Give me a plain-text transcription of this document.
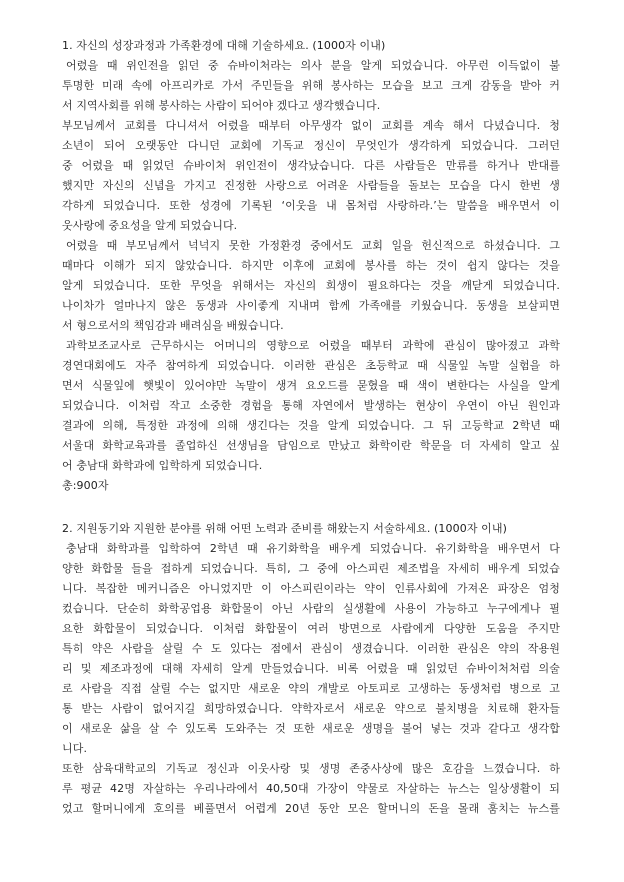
1. 자신의 성장과정과 가족환경에 대해 기술하세요. (1000자 이내)

어렸을 때 위인전을 읽던 중 슈바이처라는 의사 분을 알게 되었습니다. 아무런 이득없이 불

투명한 미래 속에 아프리카로 가서 주민들을 위해 봉사하는 모습을 보고 크게 감동을 받아 커

서 지역사회를 위해 봉사하는 사람이 되어야 겠다고 생각했습니다.

부모님께서 교회를 다니셔서 어렸을 때부터 아무생각 없이 교회를 계속 해서 다녔습니다. 청

소년이 되어 오랫동안 다니던 교회에 기독교 정신이 무엇인가 생각하게 되었습니다. 그러던

중 어렸을 때 읽었던 슈바이처 위인전이 생각났습니다. 다른 사람들은 만류를 하거나 반대를

했지만 자신의 신념을 가지고 진정한 사랑으로 어려운 사람들을 돌보는 모습을 다시 한번 생

각하게 되었습니다. 또한 성경에 기록된 ‘이웃을 내 몸처럼 사랑하라.’는 말씀을 배우면서 이

웃사랑에 중요성을 알게 되었습니다.

어렸을 때 부모님께서 넉넉지 못한 가정환경 중에서도 교회 일을 헌신적으로 하셨습니다. 그

때마다 이해가 되지 않았습니다. 하지만 이후에 교회에 봉사를 하는 것이 쉽지 않다는 것을

알게 되었습니다. 또한 무엇을 위해서는 자신의 희생이 필요하다는 것을 깨닫게 되었습니다.

나이차가 얼마나지 않은 동생과 사이좋게 지내며 함께 가족애를 키웠습니다. 동생을 보살피면

서 형으로서의 책임감과 배려심을 배웠습니다.

과학보조교사로 근무하시는 어머니의 영향으로 어렸을 때부터 과학에 관심이 많아졌고 과학

경연대회에도 자주 참여하게 되었습니다. 이러한 관심은 초등학교 때 식물잎 녹말 실험을 하

면서 식물잎에 햇빛이 있어야만 녹말이 생겨 요오드를 묻혔을 때 색이 변한다는 사실을 알게

되었습니다. 이처럼 작고 소중한 경험을 통해 자연에서 발생하는 현상이 우연이 아닌 원인과

결과에 의해, 특정한 과정에 의해 생긴다는 것을 알게 되었습니다. 그 뒤 고등학교 2학년 때

서울대 화학교육과를 졸업하신 선생님을 담임으로 만났고 화학이란 학문을 더 자세히 알고 싶

어 충남대 화학과에 입학하게 되었습니다.

총:900자

2. 지원동기와 지원한 분야를 위해 어떤 노력과 준비를 해왔는지 서술하세요. (1000자 이내)

충남대 화학과를 입학하여 2학년 때 유기화학을 배우게 되었습니다. 유기화학을 배우면서 다

양한 화합물 들을 접하게 되었습니다. 특히, 그 중에 아스피린 제조법을 자세히 배우게 되었습

니다. 복잡한 메커니즘은 아니었지만 이 아스피린이라는 약이 인류사회에 가져온 파장은 엄청

컸습니다. 단순히 화학공업용 화합물이 아닌 사람의 실생활에 사용이 가능하고 누구에게나 필

요한 화합물이 되었습니다. 이처럼 화합물이 여러 방면으로 사람에게 다양한 도움을 주지만

특히 약은 사람을 살릴 수 도 있다는 점에서 관심이 생겼습니다. 이러한 관심은 약의 작용원

리 및 제조과정에 대해 자세히 알게 만들었습니다. 비록 어렸을 때 읽었던 슈바이처처럼 의술

로 사람을 직접 살릴 수는 없지만 새로운 약의 개발로 아토피로 고생하는 동생처럼 병으로 고

통 받는 사람이 없어지길 희망하였습니다. 약학자로서 새로운 약으로 불치병을 치료해 환자들

이 새로운 삶을 살 수 있도록 도와주는 것 또한 새로운 생명을 불어 넣는 것과 같다고 생각합

니다.

또한 삼육대학교의 기독교 정신과 이웃사랑 및 생명 존중사상에 많은 호감을 느꼈습니다. 하

루 평균 42명 자살하는 우리나라에서 40,50대 가장이 약물로 자살하는 뉴스는 일상생활이 되

었고 할머니에게 호의를 베풀면서 어렵게 20년 동안 모은 할머니의 돈을 몰래 훔치는 뉴스를
